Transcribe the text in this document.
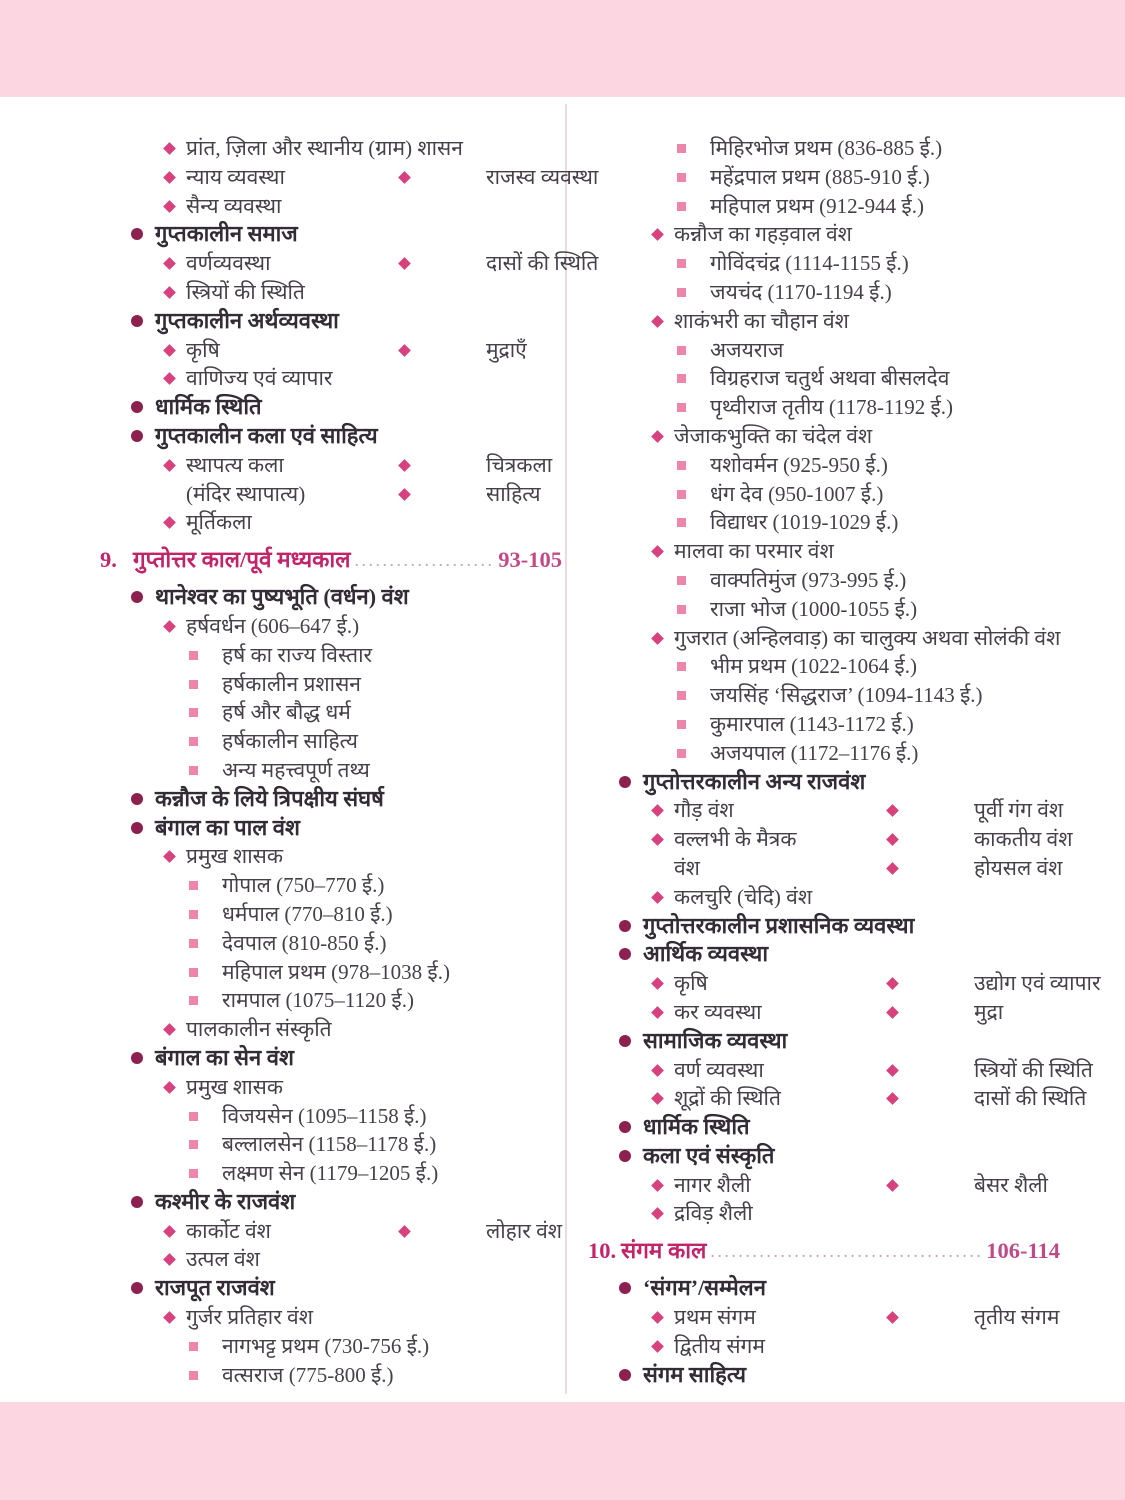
प्रांत, ज़िला और स्थानीय (ग्राम) शासन
न्याय व्यवस्था	राजस्व व्यवस्था
सैन्य व्यवस्था
गुप्तकालीन समाज
वर्णव्यवस्था	दासों की स्थिति
स्त्रियों की स्थिति
गुप्तकालीन अर्थव्यवस्था
कृषि	मुद्राएँ
वाणिज्य एवं व्यापार
धार्मिक स्थिति
गुप्तकालीन कला एवं साहित्य
स्थापत्य कला	चित्रकला
(मंदिर स्थापात्य)	साहित्य
मूर्तिकला
9. गुप्तोत्तर काल/पूर्व मध्यकाल .....	93-105
थानेश्वर का पुष्यभूति (वर्धन) वंश
हर्षवर्धन (606–647 ई.)
हर्ष का राज्य विस्तार
हर्षकालीन प्रशासन
हर्ष और बौद्ध धर्म
हर्षकालीन साहित्य
अन्य महत्त्वपूर्ण तथ्य
कन्नौज के लिये त्रिपक्षीय संघर्ष
बंगाल का पाल वंश
प्रमुख शासक
गोपाल (750–770 ई.)
धर्मपाल (770–810 ई.)
देवपाल (810-850 ई.)
महिपाल प्रथम (978–1038 ई.)
रामपाल (1075–1120 ई.)
पालकालीन संस्कृति
बंगाल का सेन वंश
प्रमुख शासक
विजयसेन (1095–1158 ई.)
बल्लालसेन (1158–1178 ई.)
लक्ष्मण सेन (1179–1205 ई.)
कश्मीर के राजवंश
कार्कोट वंश	लोहार वंश
उत्पल वंश
राजपूत राजवंश
गुर्जर प्रतिहार वंश
नागभट्ट प्रथम (730-756 ई.)
वत्सराज (775-800 ई.)
मिहिरभोज प्रथम (836-885 ई.)
महेंद्रपाल प्रथम (885-910 ई.)
महिपाल प्रथम (912-944 ई.)
कन्नौज का गहड़वाल वंश
गोविंदचंद्र (1114-1155 ई.)
जयचंद (1170-1194 ई.)
शाकंभरी का चौहान वंश
अजयराज
विग्रहराज चतुर्थ अथवा बीसलदेव
पृथ्वीराज तृतीय (1178-1192 ई.)
जेजाकभुक्ति का चंदेल वंश
यशोवर्मन (925-950 ई.)
धंग देव (950-1007 ई.)
विद्याधर (1019-1029 ई.)
मालवा का परमार वंश
वाक्पतिमुंज (973-995 ई.)
राजा भोज (1000-1055 ई.)
गुजरात (अन्हिलवाड़) का चालुक्य अथवा सोलंकी वंश
भीम प्रथम (1022-1064 ई.)
जयसिंह ‘सिद्धराज’ (1094-1143 ई.)
कुमारपाल (1143-1172 ई.)
अजयपाल (1172–1176 ई.)
गुप्तोत्तरकालीन अन्य राजवंश
गौड़ वंश	पूर्वी गंग वंश
वल्लभी के मैत्रक	काकतीय वंश
वंश	होयसल वंश
कलचुरि (चेदि) वंश
गुप्तोत्तरकालीन प्रशासनिक व्यवस्था
आर्थिक व्यवस्था
कृषि	उद्योग एवं व्यापार
कर व्यवस्था	मुद्रा
सामाजिक व्यवस्था
वर्ण व्यवस्था	स्त्रियों की स्थिति
शूद्रों की स्थिति	दासों की स्थिति
धार्मिक स्थिति
कला एवं संस्कृति
नागर शैली	बेसर शैली
द्रविड़ शैली
10. संगम काल .....	106-114
‘संगम’/सम्मेलन
प्रथम संगम	तृतीय संगम
द्वितीय संगम
संगम साहित्य
